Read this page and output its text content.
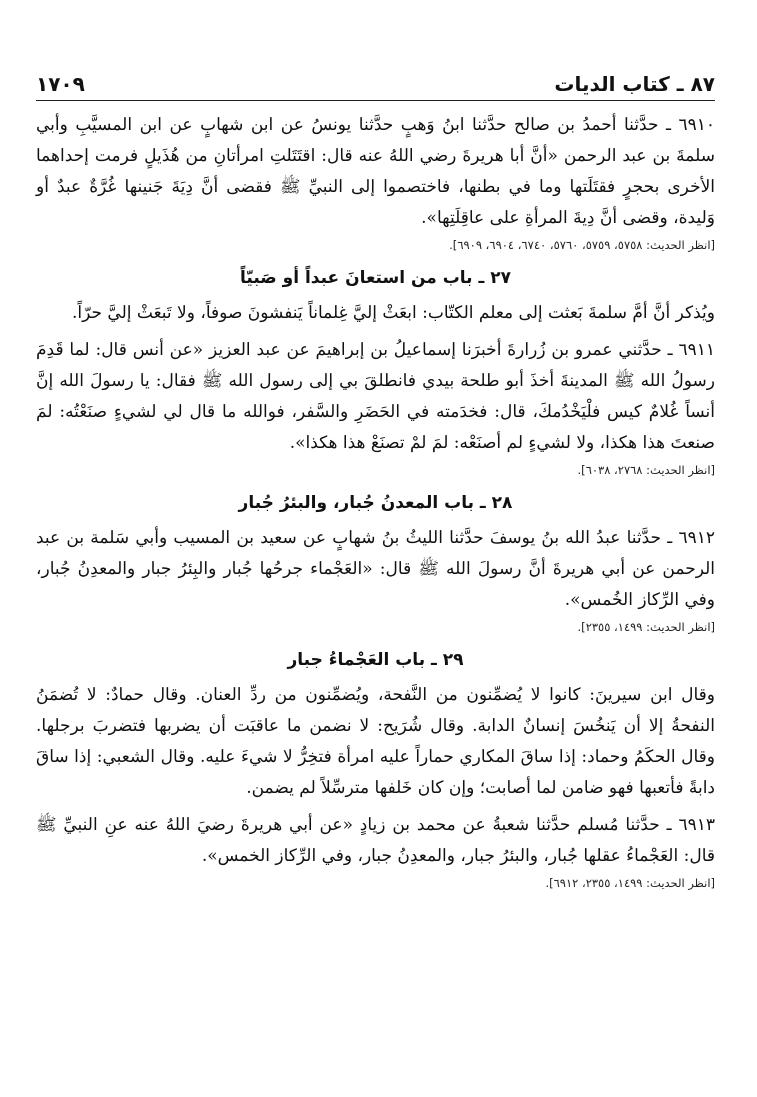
١٧٠٩	٨٧ ـ كتاب الديات

٦٩١٠ ـ حدَّثنا أحمدُ بن صالح حدَّثنا ابنُ وَهبٍ حدَّثنا يونسُ عن ابن شهابٍ عن ابن المسيَّبِ وأبي سلمةَ بن عبد الرحمن «أنَّ أبا هريرةَ رضي اللهُ عنه قال: اقتَتَلتِ امرأتانِ من هُذَيلٍ فرمت إحداهما الأخرى بحجرٍ فقتَلَتها وما في بطنها، فاختصموا إلى النبيِّ ﷺ فقضى أنَّ دِيَةَ جَنينها غُرَّةٌ عبدٌ أو وَليدة، وقضى أنَّ دِيةَ المرأةِ على عاقِلَتِها».

[انظر الحديث: ٥٧٥٨، ٥٧٥٩، ٥٧٦٠، ٦٧٤٠، ٦٩٠٤، ٦٩٠٩].

٢٧ ـ باب من استعانَ عبداً أو صَبيّاً

ويُذكر أنَّ أمَّ سلمةَ بَعثت إلى معلم الكتّاب: ابعَثْ إليَّ غِلماناً يَنفشونَ صوفاً، ولا تَبعَثْ إليَّ حرّاً.

٦٩١١ ـ حدَّثني عمرو بن زُرارةَ أخبرَنا إسماعيلُ بن إبراهيمَ عن عبد العزيز «عن أنس قال: لما قَدِمَ رسولُ الله ﷺ المدينةَ أخذَ أبو طلحة بيدي فانطلقَ بي إلى رسول الله ﷺ فقال: يا رسولَ الله إنَّ أنساً غُلامٌ كيس فلْيَخْدُمكَ، قال: فخدَمته في الحَضَرِ والسَّفر، فوالله ما قال لي لشيءٍ صنَعْتُه: لمَ صنعتَ هذا هكذا، ولا لشيءٍ لم أصنَعْه: لمَ لمْ تصنَعْ هذا هكذا».

[انظر الحديث: ٢٧٦٨، ٦٠٣٨].

٢٨ ـ باب المعدنُ جُبار، والبئرُ جُبار

٦٩١٢ ـ حدَّثنا عبدُ الله بنُ يوسفَ حدَّثنا الليثُ بنُ شهابٍ عن سعيد بن المسيب وأبي سَلمة بن عبد الرحمن عن أبي هريرةَ أنَّ رسولَ الله ﷺ قال: «العَجْماء جرحُها جُبار والبِئرُ جبار والمعدِنُ جُبار، وفي الرِّكاز الخُمس».

[انظر الحديث: ١٤٩٩، ٢٣٥٥].

٢٩ ـ باب العَجْماءُ جبار

وقال ابن سيرينَ: كانوا لا يُضمِّنون من النَّفحة، ويُضمِّنون من ردِّ العنان. وقال حمادٌ: لا تُضمَنُ النفحةُ إلا أن يَنخُسَ إنسانٌ الدابة. وقال شُرَيح: لا نضمن ما عاقبَت أن يضربها فتضربَ برجلها. وقال الحكَمُ وحماد: إذا ساقَ المكاري حماراً عليه امرأة فتخِرُّ لا شيءَ عليه. وقال الشعبي: إذا ساقَ دابةً فأتعبها فهو ضامن لما أصابت؛ وإن كان خَلفها مترسِّلاً لم يضمن.

٦٩١٣ ـ حدَّثنا مُسلم حدَّثنا شعبةُ عن محمد بن زيادٍ «عن أبي هريرةَ رضيَ اللهُ عنه عنِ النبيِّ ﷺ قال: العَجْماءُ عقلها جُبار، والبئرُ جبار، والمعدِنُ جبار، وفي الرِّكاز الخمس».

[انظر الحديث: ١٤٩٩، ٢٣٥٥، ٦٩١٢].
